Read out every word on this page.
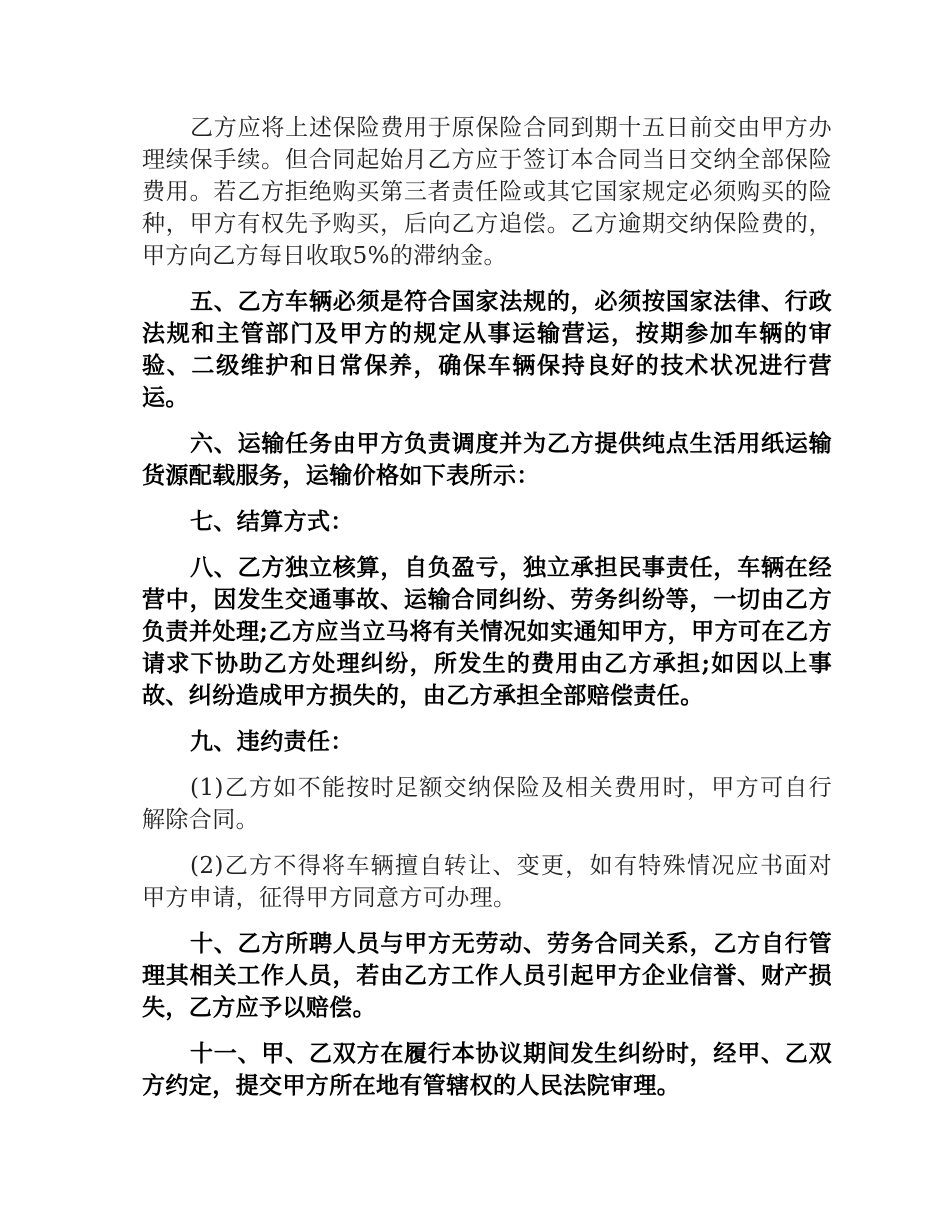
乙方应将上述保险费用于原保险合同到期十五日前交由甲方办理续保手续。但合同起始月乙方应于签订本合同当日交纳全部保险费用。若乙方拒绝购买第三者责任险或其它国家规定必须购买的险种，甲方有权先予购买，后向乙方追偿。乙方逾期交纳保险费的，甲方向乙方每日收取5%的滞纳金。

五、乙方车辆必须是符合国家法规的，必须按国家法律、行政法规和主管部门及甲方的规定从事运输营运，按期参加车辆的审验、二级维护和日常保养，确保车辆保持良好的技术状况进行营运。

六、运输任务由甲方负责调度并为乙方提供纯点生活用纸运输货源配载服务，运输价格如下表所示：

七、结算方式：

八、乙方独立核算，自负盈亏，独立承担民事责任，车辆在经营中，因发生交通事故、运输合同纠纷、劳务纠纷等，一切由乙方负责并处理;乙方应当立马将有关情况如实通知甲方，甲方可在乙方请求下协助乙方处理纠纷，所发生的费用由乙方承担;如因以上事故、纠纷造成甲方损失的，由乙方承担全部赔偿责任。

九、违约责任：

(1)乙方如不能按时足额交纳保险及相关费用时，甲方可自行解除合同。

(2)乙方不得将车辆擅自转让、变更，如有特殊情况应书面对甲方申请，征得甲方同意方可办理。

十、乙方所聘人员与甲方无劳动、劳务合同关系，乙方自行管理其相关工作人员，若由乙方工作人员引起甲方企业信誉、财产损失，乙方应予以赔偿。

十一、甲、乙双方在履行本协议期间发生纠纷时，经甲、乙双方约定，提交甲方所在地有管辖权的人民法院审理。
